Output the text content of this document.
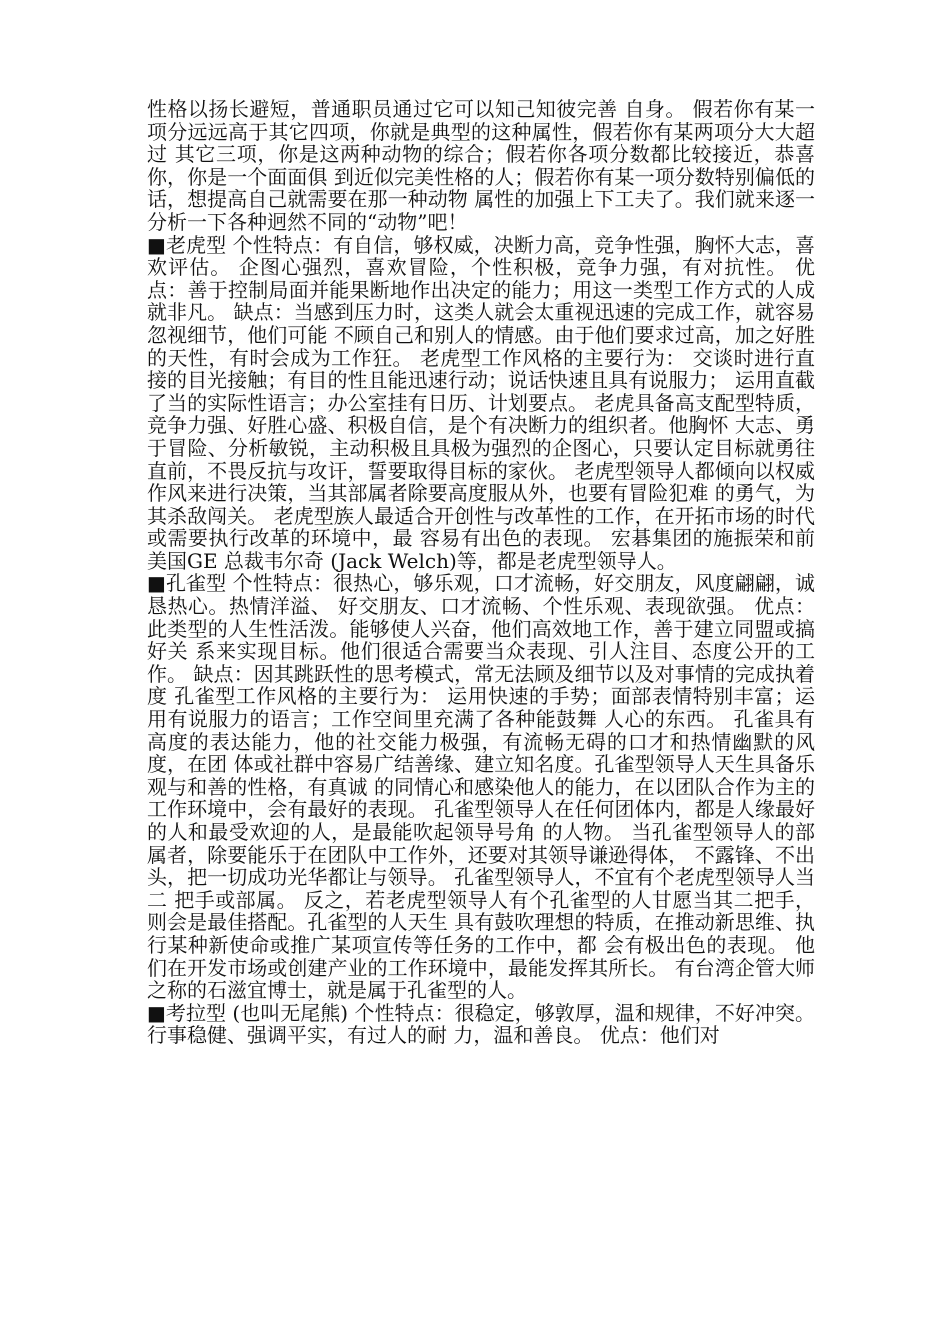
性格以扬长避短，普通职员通过它可以知己知彼完善 自身。 假若你有某一项分远远高于其它四项，你就是典型的这种属性，假若你有某两项分大大超过 其它三项，你是这两种动物的综合；假若你各项分数都比较接近，恭喜你，你是一个面面俱 到近似完美性格的人；假若你有某一项分数特别偏低的话，想提高自己就需要在那一种动物 属性的加强上下工夫了。我们就来逐一分析一下各种迥然不同的“动物”吧！

■老虎型 个性特点：有自信，够权威，决断力高，竞争性强，胸怀大志，喜欢评估。 企图心强烈，喜欢冒险，个性积极，竞争力强，有对抗性。 优点：善于控制局面并能果断地作出决定的能力；用这一类型工作方式的人成就非凡。 缺点：当感到压力时，这类人就会太重视迅速的完成工作，就容易忽视细节，他们可能 不顾自己和别人的情感。由于他们要求过高，加之好胜的天性，有时会成为工作狂。 老虎型工作风格的主要行为： 交谈时进行直接的目光接触；有目的性且能迅速行动；说话快速且具有说服力； 运用直截了当的实际性语言；办公室挂有日历、计划要点。 老虎具备高支配型特质，竞争力强、好胜心盛、积极自信，是个有决断力的组织者。他胸怀 大志、勇于冒险、分析敏锐，主动积极且具极为强烈的企图心，只要认定目标就勇往直前，不畏反抗与攻讦，誓要取得目标的家伙。 老虎型领导人都倾向以权威作风来进行决策，当其部属者除要高度服从外，也要有冒险犯难 的勇气，为其杀敌闯关。 老虎型族人最适合开创性与改革性的工作，在开拓市场的时代或需要执行改革的环境中，最 容易有出色的表现。 宏碁集团的施振荣和前美国GE 总裁韦尔奇 (Jack Welch)等，都是老虎型领导人。

■孔雀型 个性特点：很热心，够乐观，口才流畅，好交朋友，风度翩翩，诚恳热心。热情洋溢、 好交朋友、口才流畅、个性乐观、表现欲强。 优点：此类型的人生性活泼。能够使人兴奋，他们高效地工作，善于建立同盟或搞好关 系来实现目标。他们很适合需要当众表现、引人注目、态度公开的工作。 缺点：因其跳跃性的思考模式，常无法顾及细节以及对事情的完成执着度 孔雀型工作风格的主要行为： 运用快速的手势；面部表情特别丰富；运用有说服力的语言；工作空间里充满了各种能鼓舞 人心的东西。 孔雀具有高度的表达能力，他的社交能力极强，有流畅无碍的口才和热情幽默的风度，在团 体或社群中容易广结善缘、建立知名度。孔雀型领导人天生具备乐观与和善的性格，有真诚 的同情心和感染他人的能力，在以团队合作为主的工作环境中，会有最好的表现。 孔雀型领导人在任何团体内，都是人缘最好的人和最受欢迎的人，是最能吹起领导号角 的人物。 当孔雀型领导人的部属者，除要能乐于在团队中工作外，还要对其领导谦逊得体， 不露锋、不出头，把一切成功光华都让与领导。 孔雀型领导人，不宜有个老虎型领导人当二 把手或部属。 反之，若老虎型领导人有个孔雀型的人甘愿当其二把手，则会是最佳搭配。孔雀型的人天生 具有鼓吹理想的特质，在推动新思维、执行某种新使命或推广某项宣传等任务的工作中，都 会有极出色的表现。 他们在开发市场或创建产业的工作环境中，最能发挥其所长。 有台湾企管大师之称的石滋宜博士，就是属于孔雀型的人。

■考拉型 (也叫无尾熊) 个性特点：很稳定，够敦厚，温和规律，不好冲突。行事稳健、强调平实，有过人的耐 力，温和善良。 优点：他们对
